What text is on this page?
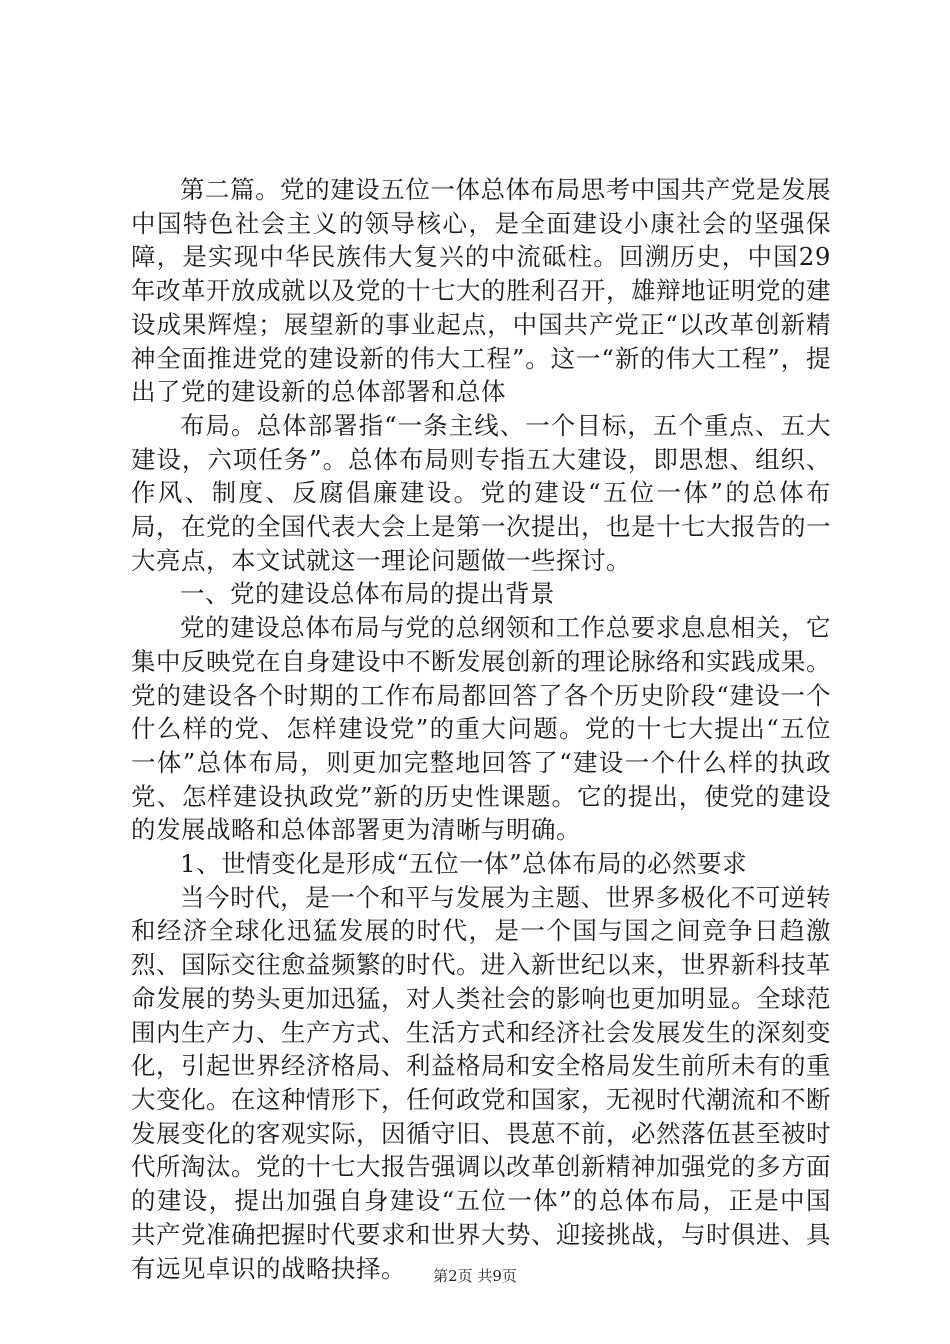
第二篇。党的建设五位一体总体布局思考中国共产党是发展中国特色社会主义的领导核心，是全面建设小康社会的坚强保障，是实现中华民族伟大复兴的中流砥柱。回溯历史，中国29年改革开放成就以及党的十七大的胜利召开，雄辩地证明党的建设成果辉煌；展望新的事业起点，中国共产党正“以改革创新精神全面推进党的建设新的伟大工程”。这一“新的伟大工程”，提出了党的建设新的总体部署和总体

布局。总体部署指“一条主线、一个目标，五个重点、五大建设，六项任务”。总体布局则专指五大建设，即思想、组织、作风、制度、反腐倡廉建设。党的建设“五位一体”的总体布局，在党的全国代表大会上是第一次提出，也是十七大报告的一大亮点，本文试就这一理论问题做一些探讨。

一、党的建设总体布局的提出背景

党的建设总体布局与党的总纲领和工作总要求息息相关，它集中反映党在自身建设中不断发展创新的理论脉络和实践成果。党的建设各个时期的工作布局都回答了各个历史阶段“建设一个什么样的党、怎样建设党”的重大问题。党的十七大提出“五位一体”总体布局，则更加完整地回答了“建设一个什么样的执政党、怎样建设执政党”新的历史性课题。它的提出，使党的建设的发展战略和总体部署更为清晰与明确。

1、世情变化是形成“五位一体”总体布局的必然要求

当今时代，是一个和平与发展为主题、世界多极化不可逆转和经济全球化迅猛发展的时代，是一个国与国之间竞争日趋激烈、国际交往愈益频繁的时代。进入新世纪以来，世界新科技革命发展的势头更加迅猛，对人类社会的影响也更加明显。全球范围内生产力、生产方式、生活方式和经济社会发展发生的深刻变化，引起世界经济格局、利益格局和安全格局发生前所未有的重大变化。在这种情形下，任何政党和国家，无视时代潮流和不断发展变化的客观实际，因循守旧、畏葸不前，必然落伍甚至被时代所淘汰。党的十七大报告强调以改革创新精神加强党的多方面的建设，提出加强自身建设“五位一体”的总体布局，正是中国共产党准确把握时代要求和世界大势、迎接挑战，与时俱进、具有远见卓识的战略抉择。	第2页 共9页
